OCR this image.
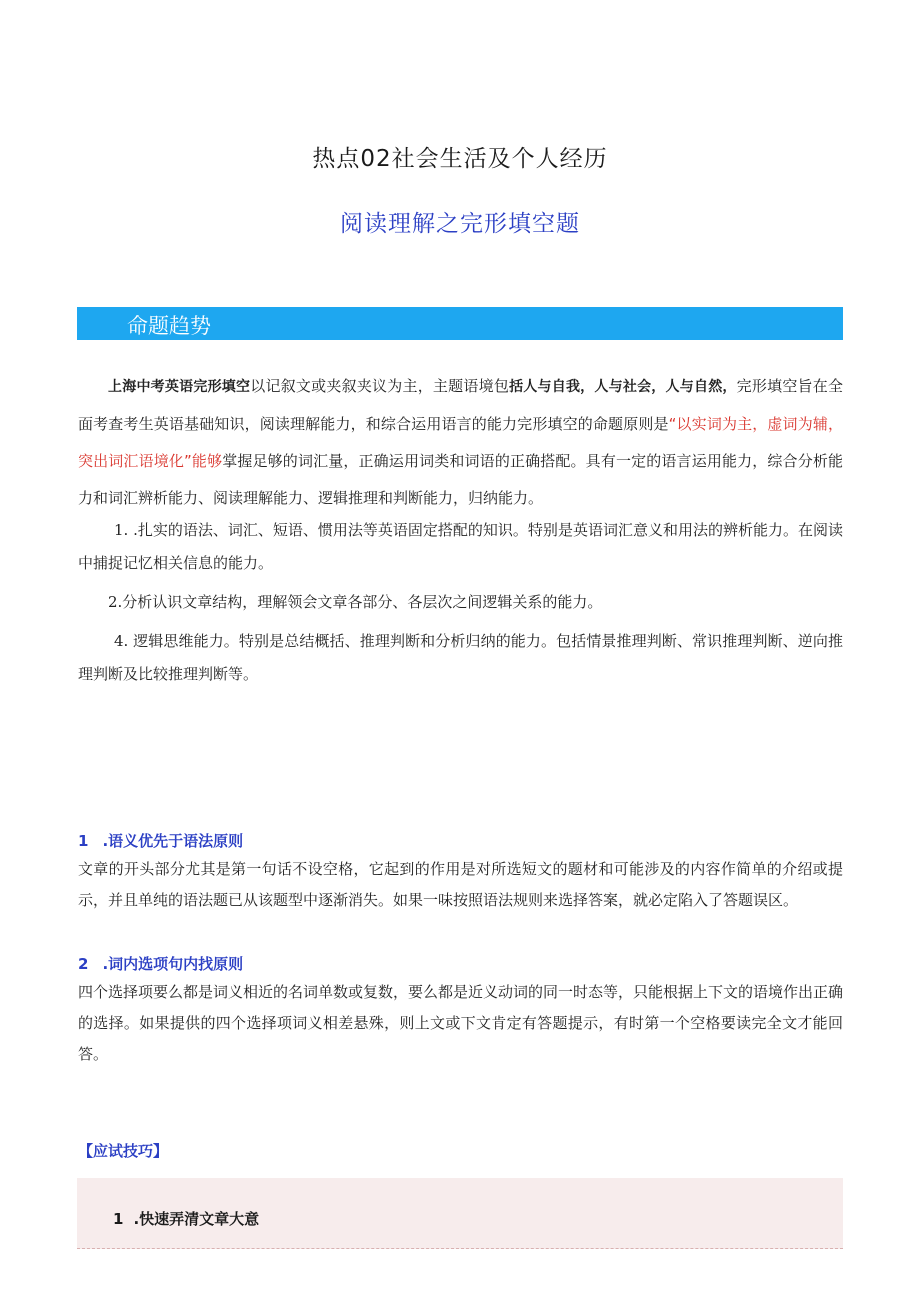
热点02社会生活及个人经历
阅读理解之完形填空题
命题趋势
上海中考英语完形填空以记叙文或夹叙夹议为主，主题语境包括人与自我，人与社会，人与自然，完形填空旨在全面考查考生英语基础知识，阅读理解能力，和综合运用语言的能力完形填空的命题原则是“以实词为主，虚词为辅，突出词汇语境化”能够掌握足够的词汇量，正确运用词类和词语的正确搭配。具有一定的语言运用能力，综合分析能力和词汇辨析能力、阅读理解能力、逻辑推理和判断能力，归纳能力。
1. .扎实的语法、词汇、短语、惯用法等英语固定搭配的知识。特别是英语词汇意义和用法的辨析能力。在阅读中捕捉记忆相关信息的能力。
2.分析认识文章结构，理解领会文章各部分、各层次之间逻辑关系的能力。
4. 逻辑思维能力。特别是总结概括、推理判断和分析归纳的能力。包括情景推理判断、常识推理判断、逆向推理判断及比较推理判断等。
1 .语义优先于语法原则
文章的开头部分尤其是第一句话不设空格，它起到的作用是对所选短文的题材和可能涉及的内容作简单的介绍或提示，并且单纯的语法题已从该题型中逐渐消失。如果一味按照语法规则来选择答案，就必定陷入了答题误区。
2 .词内选项句内找原则
四个选择项要么都是词义相近的名词单数或复数，要么都是近义动词的同一时态等，只能根据上下文的语境作出正确的选择。如果提供的四个选择项词义相差悬殊，则上文或下文肯定有答题提示，有时第一个空格要读完全文才能回答。
【应试技巧】
1 .快速弄清文章大意
